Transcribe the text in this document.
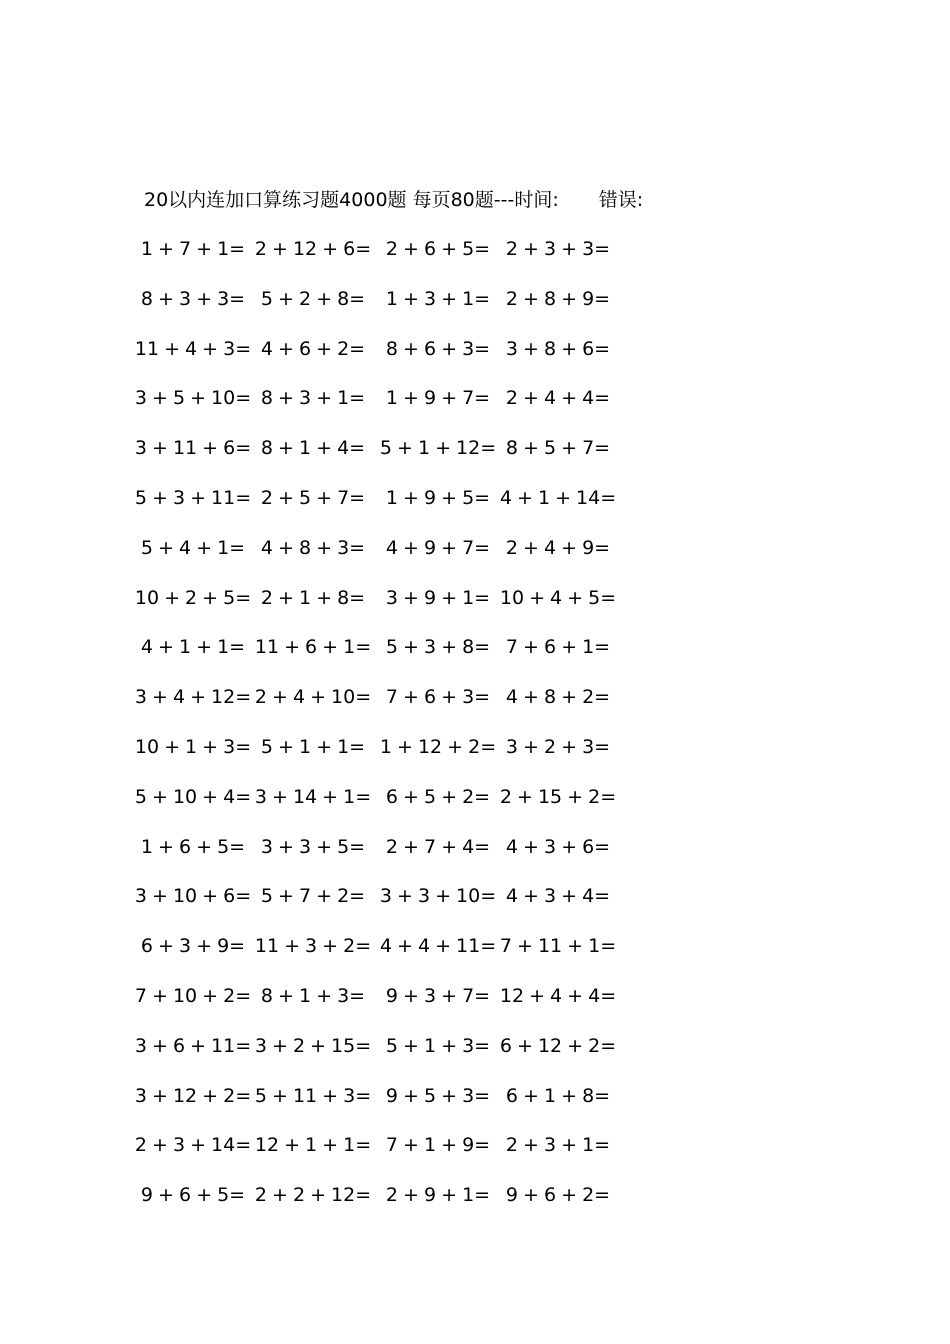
20以内连加口算练习题4000题 每页80题---时间: 错误:
1 + 7 + 1= 2 + 12 + 6= 2 + 6 + 5= 2 + 3 + 3=
8 + 3 + 3= 5 + 2 + 8=	1 + 3 + 1= 2 + 8 + 9=
11 + 4 + 3= 4 + 6 + 2=	8 + 6 + 3= 3 + 8 + 6=
3 + 5 + 10= 8 + 3 + 1=	1 + 9 + 7= 2 + 4 + 4=
3 + 11 + 6= 8 + 1 + 4= 5 + 1 + 12= 8 + 5 + 7=
5 + 3 + 11= 2 + 5 + 7=	1 + 9 + 5= 4 + 1 + 14=
5 + 4 + 1= 4 + 8 + 3=	4 + 9 + 7= 2 + 4 + 9=
10 + 2 + 5= 2 + 1 + 8=	3 + 9 + 1= 10 + 4 + 5=
4 + 1 + 1= 11 + 6 + 1= 5 + 3 + 8= 7 + 6 + 1=
3 + 4 + 12= 2 + 4 + 10= 7 + 6 + 3= 4 + 8 + 2=
10 + 1 + 3= 5 + 1 + 1= 1 + 12 + 2= 3 + 2 + 3=
5 + 10 + 4= 3 + 14 + 1= 6 + 5 + 2= 2 + 15 + 2=
1 + 6 + 5= 3 + 3 + 5=	2 + 7 + 4= 4 + 3 + 6=
3 + 10 + 6= 5 + 7 + 2= 3 + 3 + 10= 4 + 3 + 4=
6 + 3 + 9= 11 + 3 + 2= 4 + 4 + 11= 7 + 11 + 1=
7 + 10 + 2= 8 + 1 + 3=	9 + 3 + 7= 12 + 4 + 4=
3 + 6 + 11= 3 + 2 + 15= 5 + 1 + 3= 6 + 12 + 2=
3 + 12 + 2= 5 + 11 + 3= 9 + 5 + 3= 6 + 1 + 8=
2 + 3 + 14= 12 + 1 + 1= 7 + 1 + 9= 2 + 3 + 1=
9 + 6 + 5= 2 + 2 + 12= 2 + 9 + 1= 9 + 6 + 2=
